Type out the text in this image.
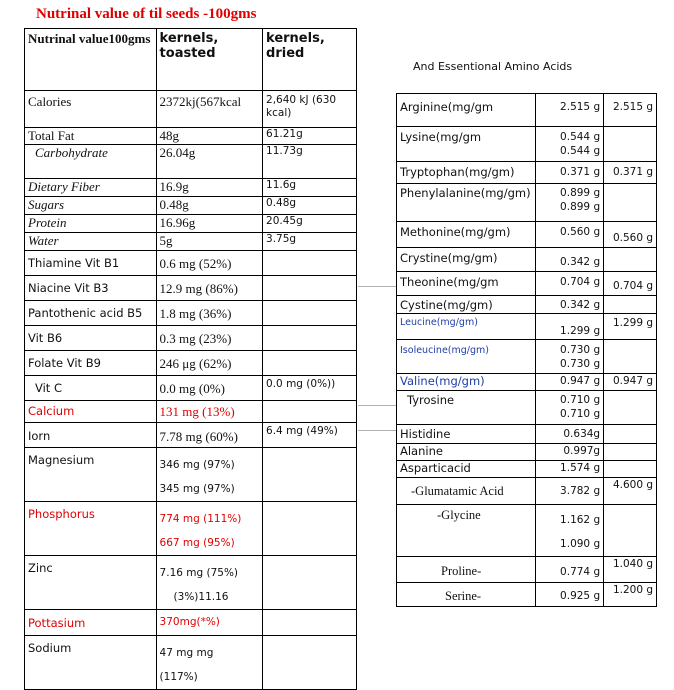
Nutrinal value of til seeds -100gms
And Essentional Amino Acids
Nutrinal value100gms	kernels, toasted	kernels, dried
Calories	2372kj(567kcal	2,640 kJ (630 kcal)
Total Fat	48g	61.21g
Carbohydrate	26.04g	11.73g
Dietary Fiber	16.9g	11.6g
Sugars	0.48g	0.48g
Protein	16.96g	20.45g
Water	5g	3.75g
Thiamine Vit B1	0.6 mg (52%)	
Niacine Vit B3	12.9 mg (86%)	
Pantothenic acid B5	1.8 mg (36%)	
Vit B6	0.3 mg (23%)	
Folate Vit B9	246 μg (62%)	
Vit C	0.0 mg (0%)	0.0 mg (0%))
Calcium	131 mg (13%)	
Iorn	7.78 mg (60%)	6.4 mg (49%)
Magnesium	346 mg (97%)
345 mg (97%)	

Phosphorus	774 mg (111%)
667 mg (95%)	

Zinc	7.16 mg (75%)
(3%)11.16	

Pottasium	370mg(*%)	
Sodium	47 mg mg
(117%)	

Arginine(mg/gm	2.515 g	2.515 g
Lysine(mg/gm	0.544 g
0.544 g	

Tryptophan(mg/gm)	0.371 g	0.371 g
Phenylalanine(mg/gm)	0.899 g
0.899 g	

Methonine(mg/gm)	0.560 g	0.560 g
Crystine(mg/gm)	0.342 g	
Theonine(mg/gm	0.704 g	0.704 g
Cystine(mg/gm)	0.342 g	
Leucine(mg/gm)	1.299 g	1.299 g
Isoleucine(mg/gm)	0.730 g
0.730 g	

Valine(mg/gm)	0.947 g	0.947 g
Tyrosine	0.710 g
0.710 g	

Histidine	0.634g	
Alanine	0.997g	
Asparticacid	1.574 g	
-Glumatamic Acid	3.782 g	4.600 g
-Glycine	1.162 g
1.090 g	

Proline-	0.774 g	1.040 g
Serine-	0.925 g	1.200 g
